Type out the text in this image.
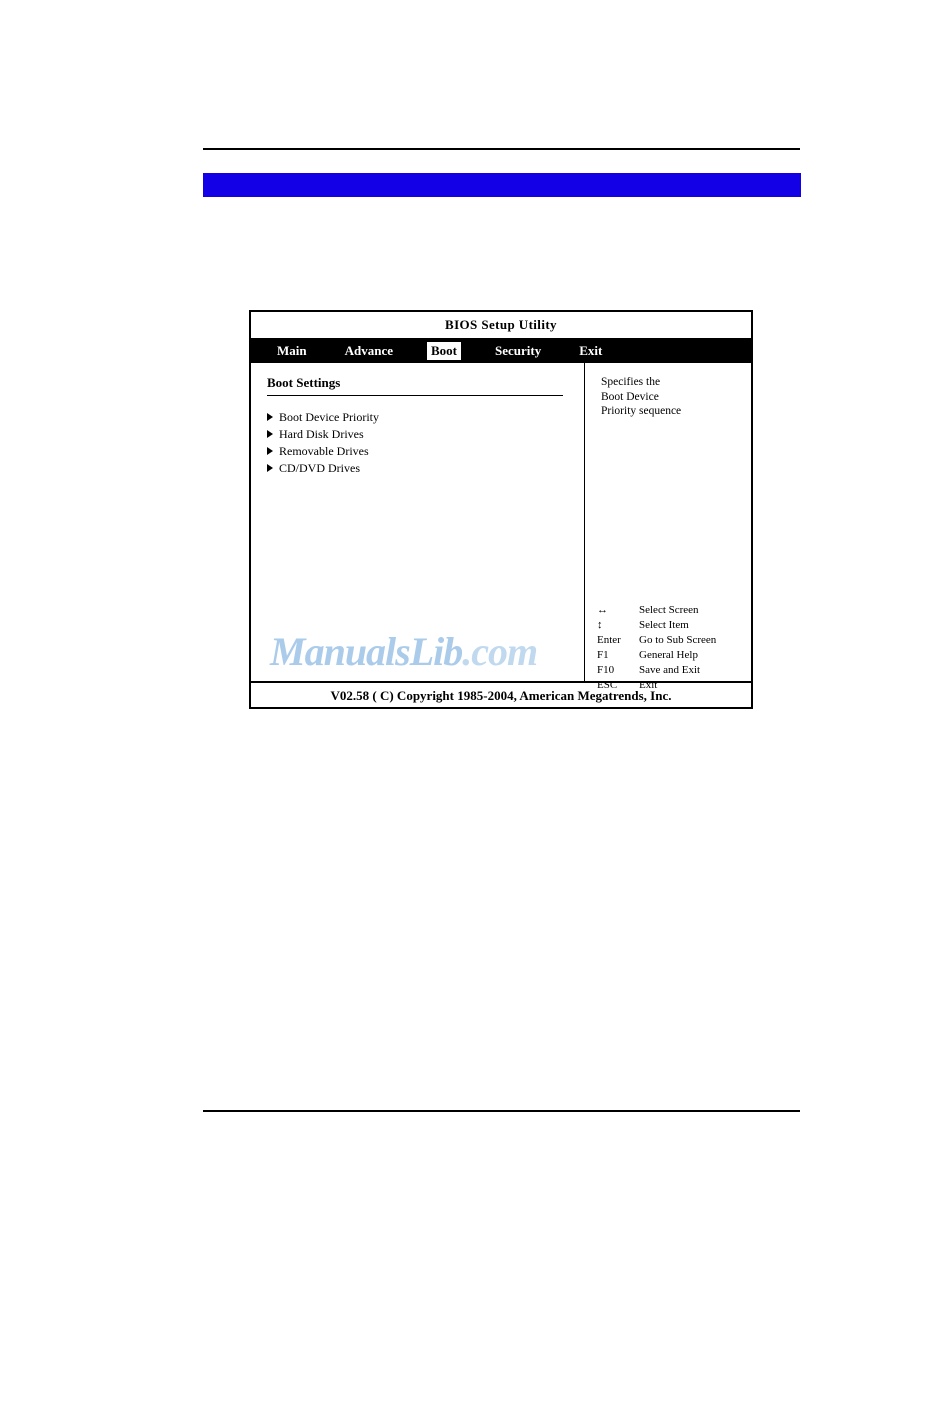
BIOS Setup Utility
Main	Advance	Boot	Security	Exit
Boot Settings
Boot Device Priority
Hard Disk Drives
Removable Drives
CD/DVD Drives
Specifies the
Boot Device
Priority sequence
↔	Select Screen
↕	Select Item
Enter Go to Sub Screen
F1	General Help
F10 Save and Exit
ESC Exit
V02.58 ( C) Copyright 1985-2004, American Megatrends, Inc.
ManualsLib.com
